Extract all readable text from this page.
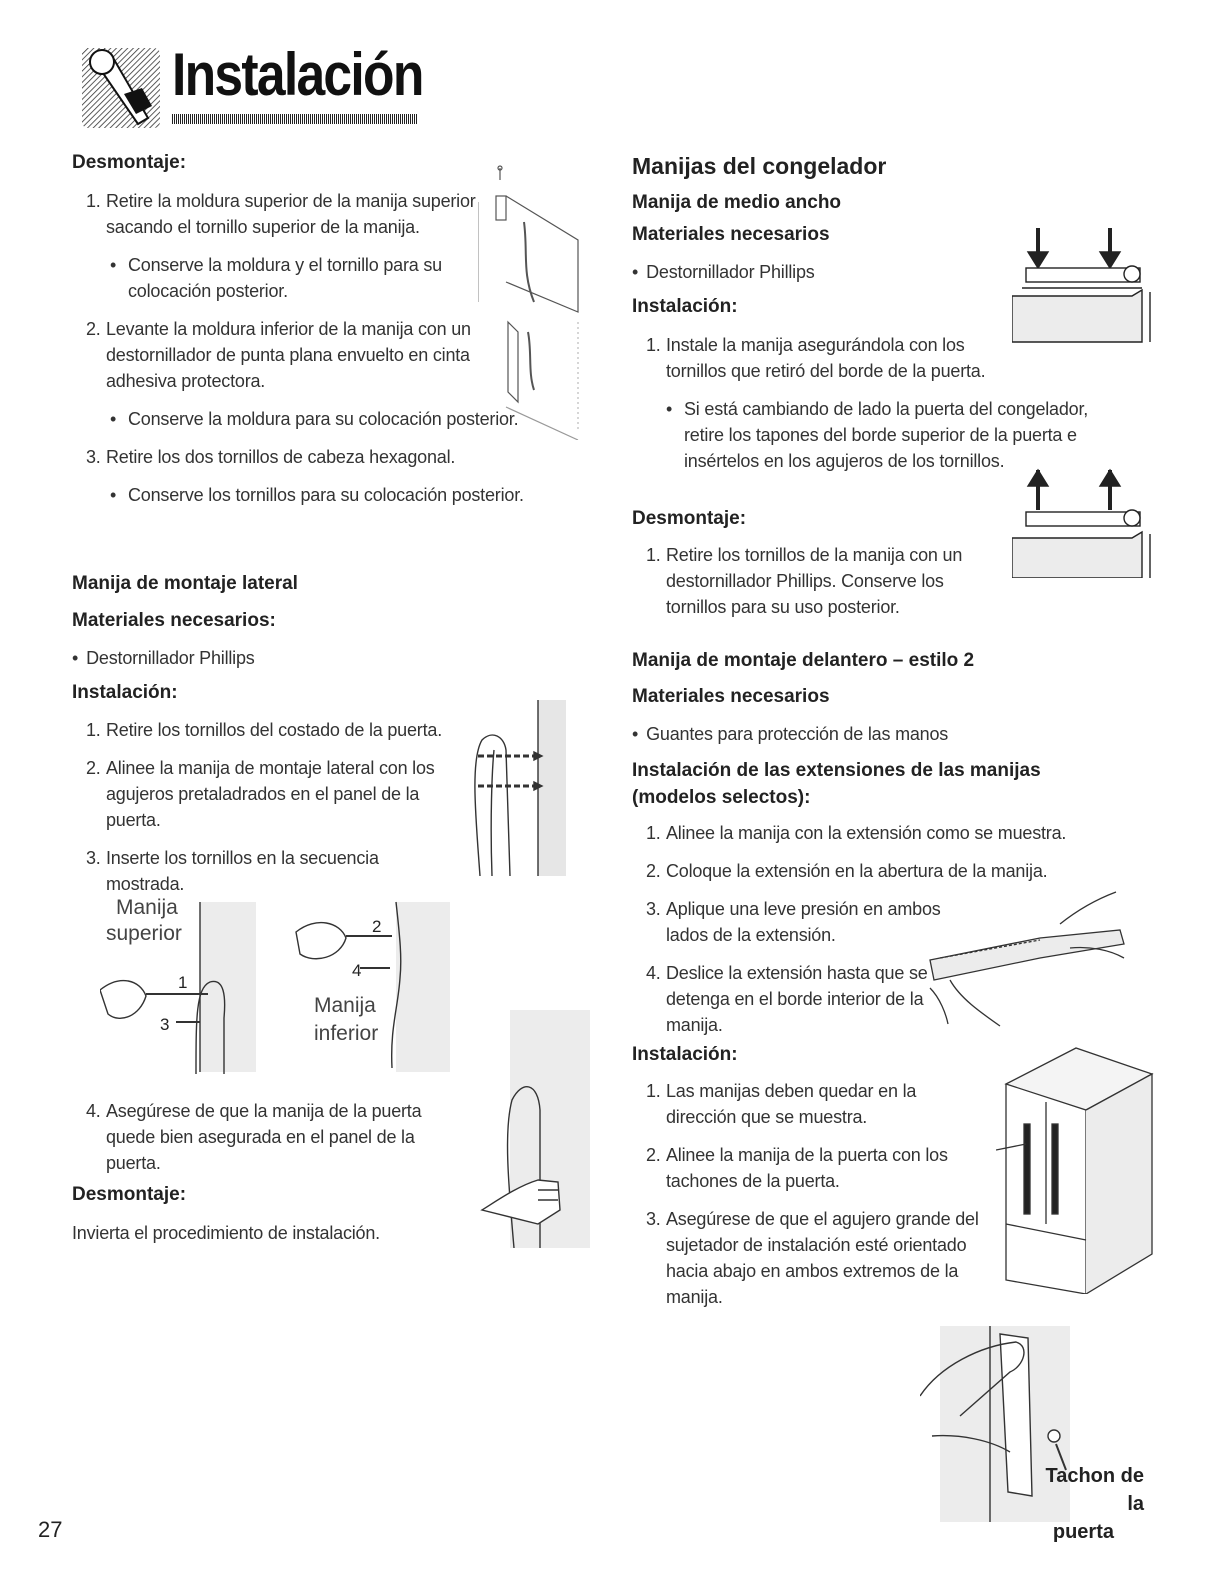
Instalación
Desmontaje:
1. Retire la moldura superior de la manija superior sacando el tornillo superior de la manija.
• Conserve la moldura y el tornillo para su colocación posterior.
2. Levante la moldura inferior de la manija con un destornillador de punta plana envuelto en cinta adhesiva protectora.
• Conserve la moldura para su colocación posterior.
3. Retire los dos tornillos de cabeza hexagonal.
• Conserve los tornillos para su colocación posterior.
Manija de montaje lateral
Materiales necesarios:
• Destornillador Phillips
Instalación:
1. Retire los tornillos del costado de la puerta.
2. Alinee la manija de montaje lateral con los agujeros pretaladrados en el panel de la puerta.
3. Inserte los tornillos en la secuencia mostrada.
Manija
superior
1
3
2
4
Manija
inferior
4. Asegúrese de que la manija de la puerta quede bien asegurada en el panel de la puerta.
Desmontaje:
Invierta el procedimiento de instalación.
Manijas del congelador
Manija de medio ancho
Materiales necesarios
• Destornillador Phillips
Instalación:
1. Instale la manija asegurándola con los tornillos que retiró del borde de la puerta.
• Si está cambiando de lado la puerta del congelador, retire los tapones del borde superior de la puerta e insértelos en los agujeros de los tornillos.
Desmontaje:
1. Retire los tornillos de la manija con un destornillador Phillips. Conserve los tornillos para su uso posterior.
Manija de montaje delantero – estilo 2
Materiales necesarios
• Guantes para protección de las manos
Instalación de las extensiones de las manijas
(modelos selectos):
1. Alinee la manija con la extensión como se muestra.
2. Coloque la extensión en la abertura de la manija.
3. Aplique una leve presión en ambos lados de la extensión.
4. Deslice la extensión hasta que se detenga en el borde interior de la manija.
Instalación:
1. Las manijas deben quedar en la dirección que se muestra.
2. Alinee la manija de la puerta con los tachones de la puerta.
3. Asegúrese de que el agujero grande del sujetador de instalación esté orientado hacia abajo en ambos extremos de la manija.
Tachon de la
puerta
27
